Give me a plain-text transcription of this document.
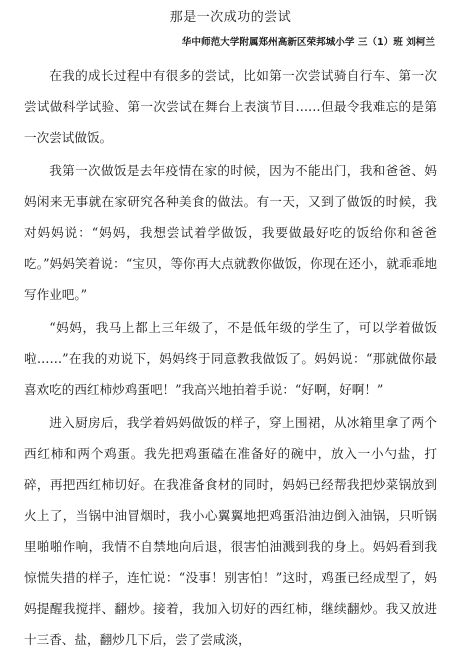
那是一次成功的尝试
华中师范大学附属郑州高新区荣邦城小学 三（1）班 刘柯兰

在我的成长过程中有很多的尝试，比如第一次尝试骑自行车、第一次尝试做科学试验、第一次尝试在舞台上表演节目……但最令我难忘的是第一次尝试做饭。

我第一次做饭是去年疫情在家的时候，因为不能出门，我和爸爸、妈妈闲来无事就在家研究各种美食的做法。有一天，又到了做饭的时候，我对妈妈说：“妈妈，我想尝试着学做饭，我要做最好吃的饭给你和爸爸吃。”妈妈笑着说：“宝贝，等你再大点就教你做饭，你现在还小，就乖乖地写作业吧。”

“妈妈，我马上都上三年级了，不是低年级的学生了，可以学着做饭啦……”在我的劝说下，妈妈终于同意教我做饭了。妈妈说：“那就做你最喜欢吃的西红柿炒鸡蛋吧！”我高兴地拍着手说：“好啊，好啊！”

进入厨房后，我学着妈妈做饭的样子，穿上围裙，从冰箱里拿了两个西红柿和两个鸡蛋。我先把鸡蛋磕在准备好的碗中，放入一小勺盐，打碎，再把西红柿切好。在我准备食材的同时，妈妈已经帮我把炒菜锅放到火上了，当锅中油冒烟时，我小心翼翼地把鸡蛋沿油边倒入油锅，只听锅里啪啪作响，我情不自禁地向后退，很害怕油溅到我的身上。妈妈看到我惊慌失措的样子，连忙说：“没事！别害怕！”这时，鸡蛋已经成型了，妈妈提醒我搅拌、翻炒。接着，我加入切好的西红柿，继续翻炒。我又放进十三香、盐，翻炒几下后，尝了尝咸淡，
